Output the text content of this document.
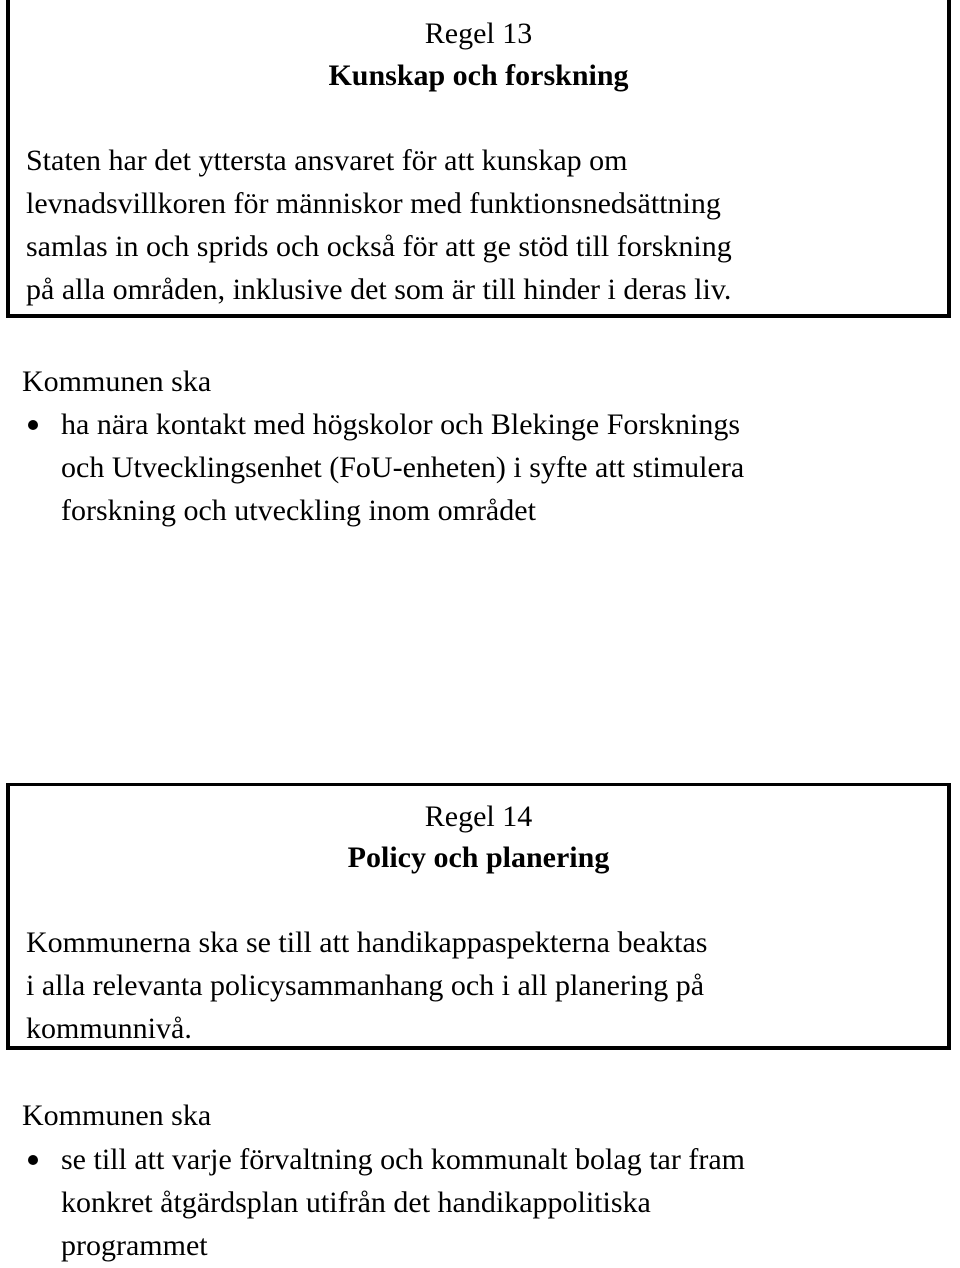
Regel 13
Kunskap och forskning
Staten har det yttersta ansvaret för att kunskap om
levnadsvillkoren för människor med funktionsnedsättning
samlas in och sprids och också för att ge stöd till forskning
på alla områden, inklusive det som är till hinder i deras liv.
Kommunen ska
ha nära kontakt med högskolor och Blekinge Forsknings
och Utvecklingsenhet (FoU-enheten) i syfte att stimulera
forskning och utveckling inom området
Regel 14
Policy och planering
Kommunerna ska se till att handikappaspekterna beaktas
i alla relevanta policysammanhang och i all planering på
kommunnivå.
Kommunen ska
se till att varje förvaltning och kommunalt bolag tar fram
konkret åtgärdsplan utifrån det handikappolitiska
programmet
